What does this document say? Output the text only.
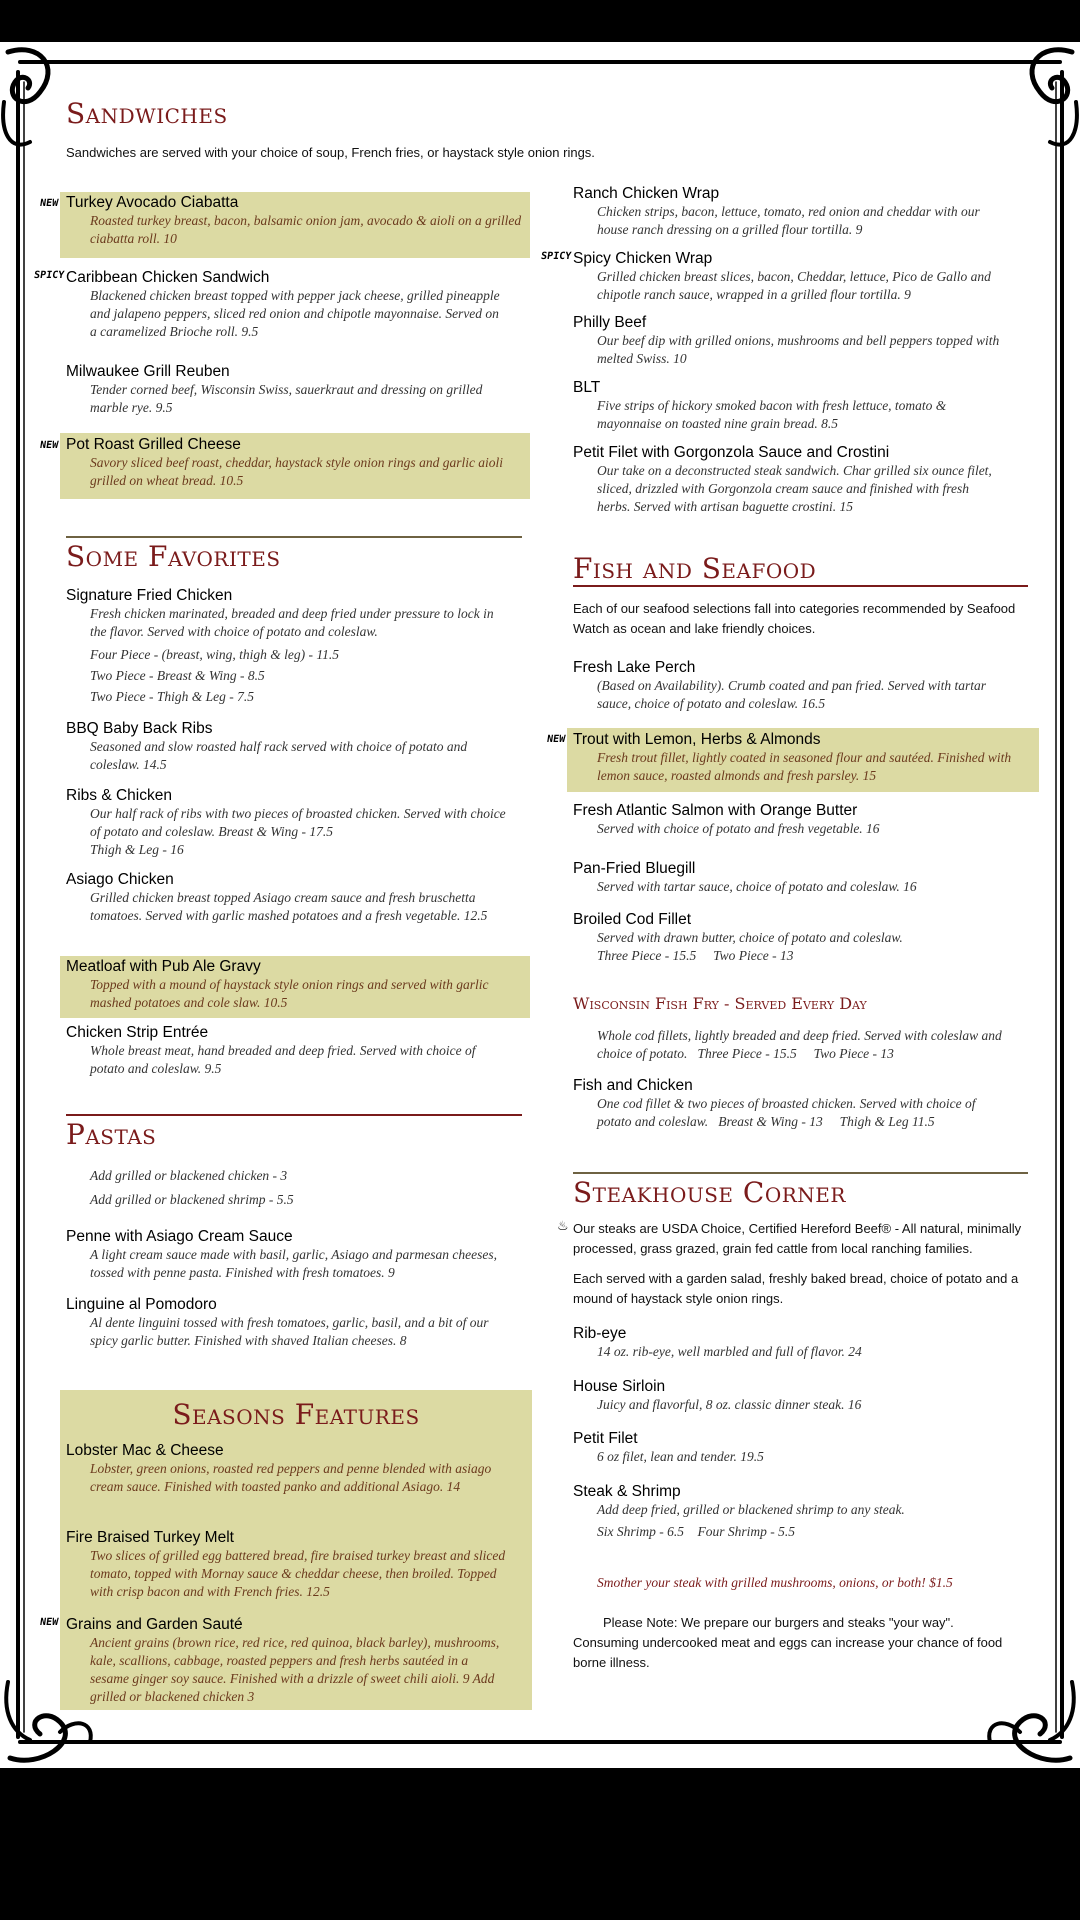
Sandwiches
Sandwiches are served with your choice of soup, French fries, or haystack style onion rings.
NEW Turkey Avocado Ciabatta
Roasted turkey breast, bacon, balsamic onion jam, avocado & aioli on a grilled ciabatta roll. 10
SPICY Caribbean Chicken Sandwich
Blackened chicken breast topped with pepper jack cheese, grilled pineapple and jalapeno peppers, sliced red onion and chipotle mayonnaise. Served on a caramelized Brioche roll. 9.5
Milwaukee Grill Reuben
Tender corned beef, Wisconsin Swiss, sauerkraut and dressing on grilled marble rye. 9.5
NEW Pot Roast Grilled Cheese
Savory sliced beef roast, cheddar, haystack style onion rings and garlic aioli grilled on wheat bread. 10.5
Some Favorites
Signature Fried Chicken
Fresh chicken marinated, breaded and deep fried under pressure to lock in the flavor. Served with choice of potato and coleslaw.
Four Piece - (breast, wing, thigh & leg) - 11.5
Two Piece - Breast & Wing - 8.5
Two Piece - Thigh & Leg - 7.5
BBQ Baby Back Ribs
Seasoned and slow roasted half rack served with choice of potato and coleslaw. 14.5
Ribs & Chicken
Our half rack of ribs with two pieces of broasted chicken. Served with choice of potato and coleslaw. Breast & Wing - 17.5
Thigh & Leg - 16
Asiago Chicken
Grilled chicken breast topped Asiago cream sauce and fresh bruschetta tomatoes. Served with garlic mashed potatoes and a fresh vegetable. 12.5
Meatloaf with Pub Ale Gravy
Topped with a mound of haystack style onion rings and served with garlic mashed potatoes and cole slaw. 10.5
Chicken Strip Entrée
Whole breast meat, hand breaded and deep fried. Served with choice of potato and coleslaw. 9.5
Pastas
Add grilled or blackened chicken - 3
Add grilled or blackened shrimp - 5.5
Penne with Asiago Cream Sauce
A light cream sauce made with basil, garlic, Asiago and parmesan cheeses, tossed with penne pasta. Finished with fresh tomatoes. 9
Linguine al Pomodoro
Al dente linguini tossed with fresh tomatoes, garlic, basil, and a bit of our spicy garlic butter. Finished with shaved Italian cheeses. 8
Seasons Features
Lobster Mac & Cheese
Lobster, green onions, roasted red peppers and penne blended with asiago cream sauce. Finished with toasted panko and additional Asiago. 14
Fire Braised Turkey Melt
Two slices of grilled egg battered bread, fire braised turkey breast and sliced tomato, topped with Mornay sauce & cheddar cheese, then broiled. Topped with crisp bacon and with French fries. 12.5
NEW Grains and Garden Sauté
Ancient grains (brown rice, red rice, red quinoa, black barley), mushrooms, kale, scallions, cabbage, roasted peppers and fresh herbs sautéed in a sesame ginger soy sauce. Finished with a drizzle of sweet chili aioli. 9 Add grilled or blackened chicken 3
Ranch Chicken Wrap
Chicken strips, bacon, lettuce, tomato, red onion and cheddar with our house ranch dressing on a grilled flour tortilla. 9
SPICY Spicy Chicken Wrap
Grilled chicken breast slices, bacon, Cheddar, lettuce, Pico de Gallo and chipotle ranch sauce, wrapped in a grilled flour tortilla. 9
Philly Beef
Our beef dip with grilled onions, mushrooms and bell peppers topped with melted Swiss. 10
BLT
Five strips of hickory smoked bacon with fresh lettuce, tomato & mayonnaise on toasted nine grain bread. 8.5
Petit Filet with Gorgonzola Sauce and Crostini
Our take on a deconstructed steak sandwich. Char grilled six ounce filet, sliced, drizzled with Gorgonzola cream sauce and finished with fresh herbs. Served with artisan baguette crostini. 15
Fish and Seafood
Each of our seafood selections fall into categories recommended by Seafood Watch as ocean and lake friendly choices.
Fresh Lake Perch
(Based on Availability). Crumb coated and pan fried. Served with tartar sauce, choice of potato and coleslaw. 16.5
NEW Trout with Lemon, Herbs & Almonds
Fresh trout fillet, lightly coated in seasoned flour and sautéed. Finished with lemon sauce, roasted almonds and fresh parsley. 15
Fresh Atlantic Salmon with Orange Butter
Served with choice of potato and fresh vegetable. 16
Pan-Fried Bluegill
Served with tartar sauce, choice of potato and coleslaw. 16
Broiled Cod Fillet
Served with drawn butter, choice of potato and coleslaw.
Three Piece - 15.5     Two Piece - 13
Wisconsin Fish Fry - Served Every Day
Whole cod fillets, lightly breaded and deep fried. Served with coleslaw and choice of potato.   Three Piece - 15.5     Two Piece - 13
Fish and Chicken
One cod fillet & two pieces of broasted chicken. Served with choice of potato and coleslaw.   Breast & Wing - 13     Thigh & Leg 11.5
Steakhouse Corner
♨ Our steaks are USDA Choice, Certified Hereford Beef® - All natural, minimally processed, grass grazed, grain fed cattle from local ranching families.
Each served with a garden salad, freshly baked bread, choice of potato and a mound of haystack style onion rings.
Rib-eye
14 oz. rib-eye, well marbled and full of flavor. 24
House Sirloin
Juicy and flavorful, 8 oz. classic dinner steak. 16
Petit Filet
6 oz filet, lean and tender. 19.5
Steak & Shrimp
Add deep fried, grilled or blackened shrimp to any steak.
Six Shrimp - 6.5    Four Shrimp - 5.5
Smother your steak with grilled mushrooms, onions, or both! $1.5
Please Note: We prepare our burgers and steaks "your way". Consuming undercooked meat and eggs can increase your chance of food borne illness.
